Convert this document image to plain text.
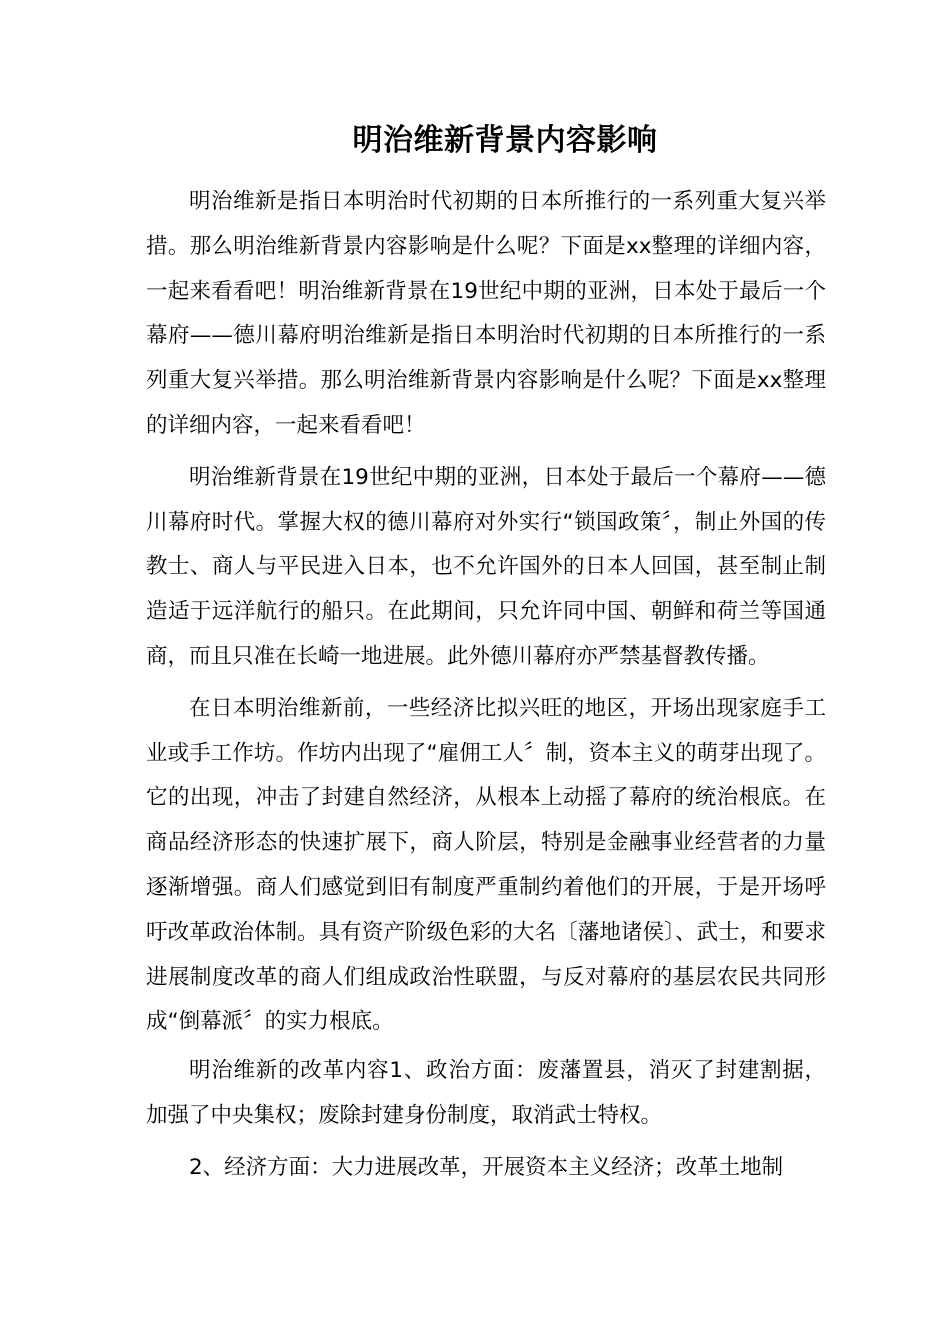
明治维新背景内容影响

明治维新是指日本明治时代初期的日本所推行的一系列重大复兴举措。那么明治维新背景内容影响是什么呢？下面是xx整理的详细内容，一起来看看吧！明治维新背景在19世纪中期的亚洲，日本处于最后一个幕府——德川幕府明治维新是指日本明治时代初期的日本所推行的一系列重大复兴举措。那么明治维新背景内容影响是什么呢？下面是xx整理的详细内容，一起来看看吧！

明治维新背景在19世纪中期的亚洲，日本处于最后一个幕府——德川幕府时代。掌握大权的德川幕府对外实行“锁国政策〞，制止外国的传教士、商人与平民进入日本，也不允许国外的日本人回国，甚至制止制造适于远洋航行的船只。在此期间，只允许同中国、朝鲜和荷兰等国通商，而且只准在长崎一地进展。此外德川幕府亦严禁基督教传播。

在日本明治维新前，一些经济比拟兴旺的地区，开场出现家庭手工业或手工作坊。作坊内出现了“雇佣工人〞制，资本主义的萌芽出现了。它的出现，冲击了封建自然经济，从根本上动摇了幕府的统治根底。在商品经济形态的快速扩展下，商人阶层，特别是金融事业经营者的力量逐渐增强。商人们感觉到旧有制度严重制约着他们的开展，于是开场呼吁改革政治体制。具有资产阶级色彩的大名〔藩地诸侯〕、武士，和要求进展制度改革的商人们组成政治性联盟，与反对幕府的基层农民共同形成“倒幕派〞的实力根底。

明治维新的改革内容1、政治方面：废藩置县，消灭了封建割据，加强了中央集权；废除封建身份制度，取消武士特权。

2、经济方面：大力进展改革，开展资本主义经济；改革土地制
